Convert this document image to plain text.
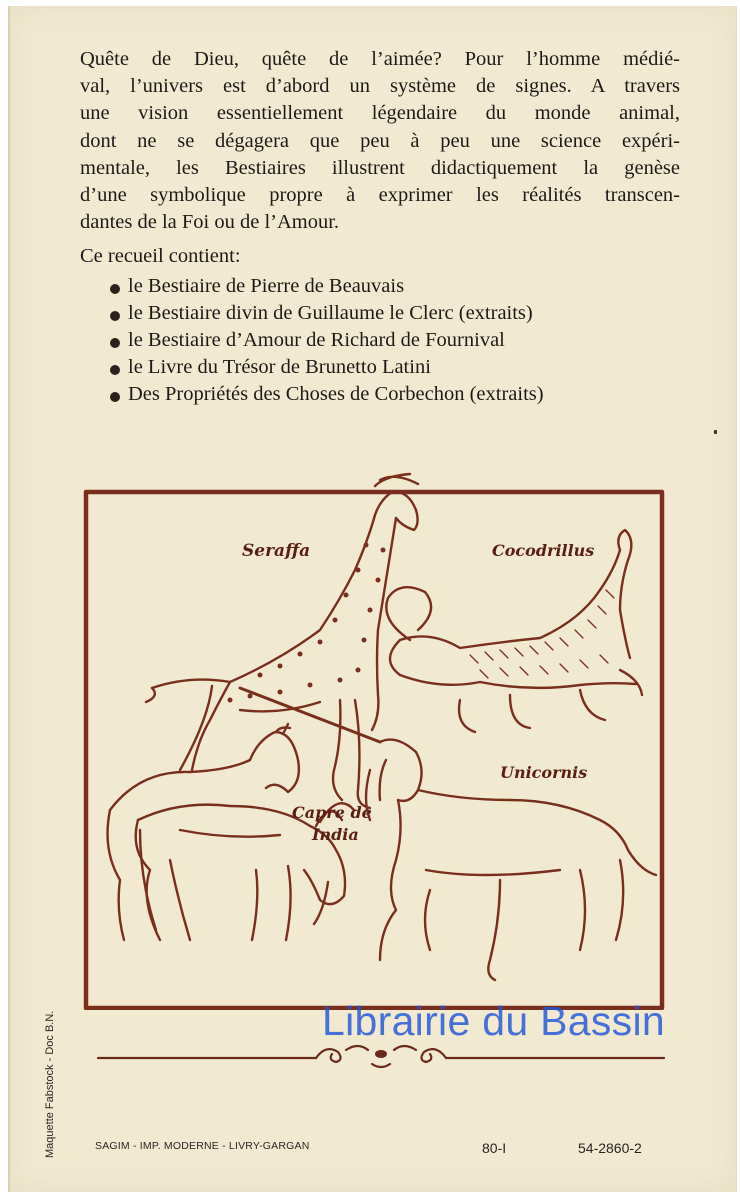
Quête de Dieu, quête de l’aimée? Pour l’homme médié-
val, l’univers est d’abord un système de signes. A travers
une vision essentiellement légendaire du monde animal,
dont ne se dégagera que peu à peu une science expéri-
mentale, les Bestiaires illustrent didactiquement la genèse
d’une symbolique propre à exprimer les réalités transcen-
dantes de la Foi ou de l’Amour.

Ce recueil contient:

le Bestiaire de Pierre de Beauvais
le Bestiaire divin de Guillaume le Clerc (extraits)
le Bestiaire d’Amour de Richard de Fournival
le Livre du Trésor de Brunetto Latini
Des Propriétés des Choses de Corbechon (extraits)
Seraffa	Cocodrillus
Capre de
India
Unicornis
Librairie du Bassin
SAGIM - IMP. MODERNE - LIVRY-GARGAN	80-I	54-2860-2
Maquette Fabstock - Doc B.N.
